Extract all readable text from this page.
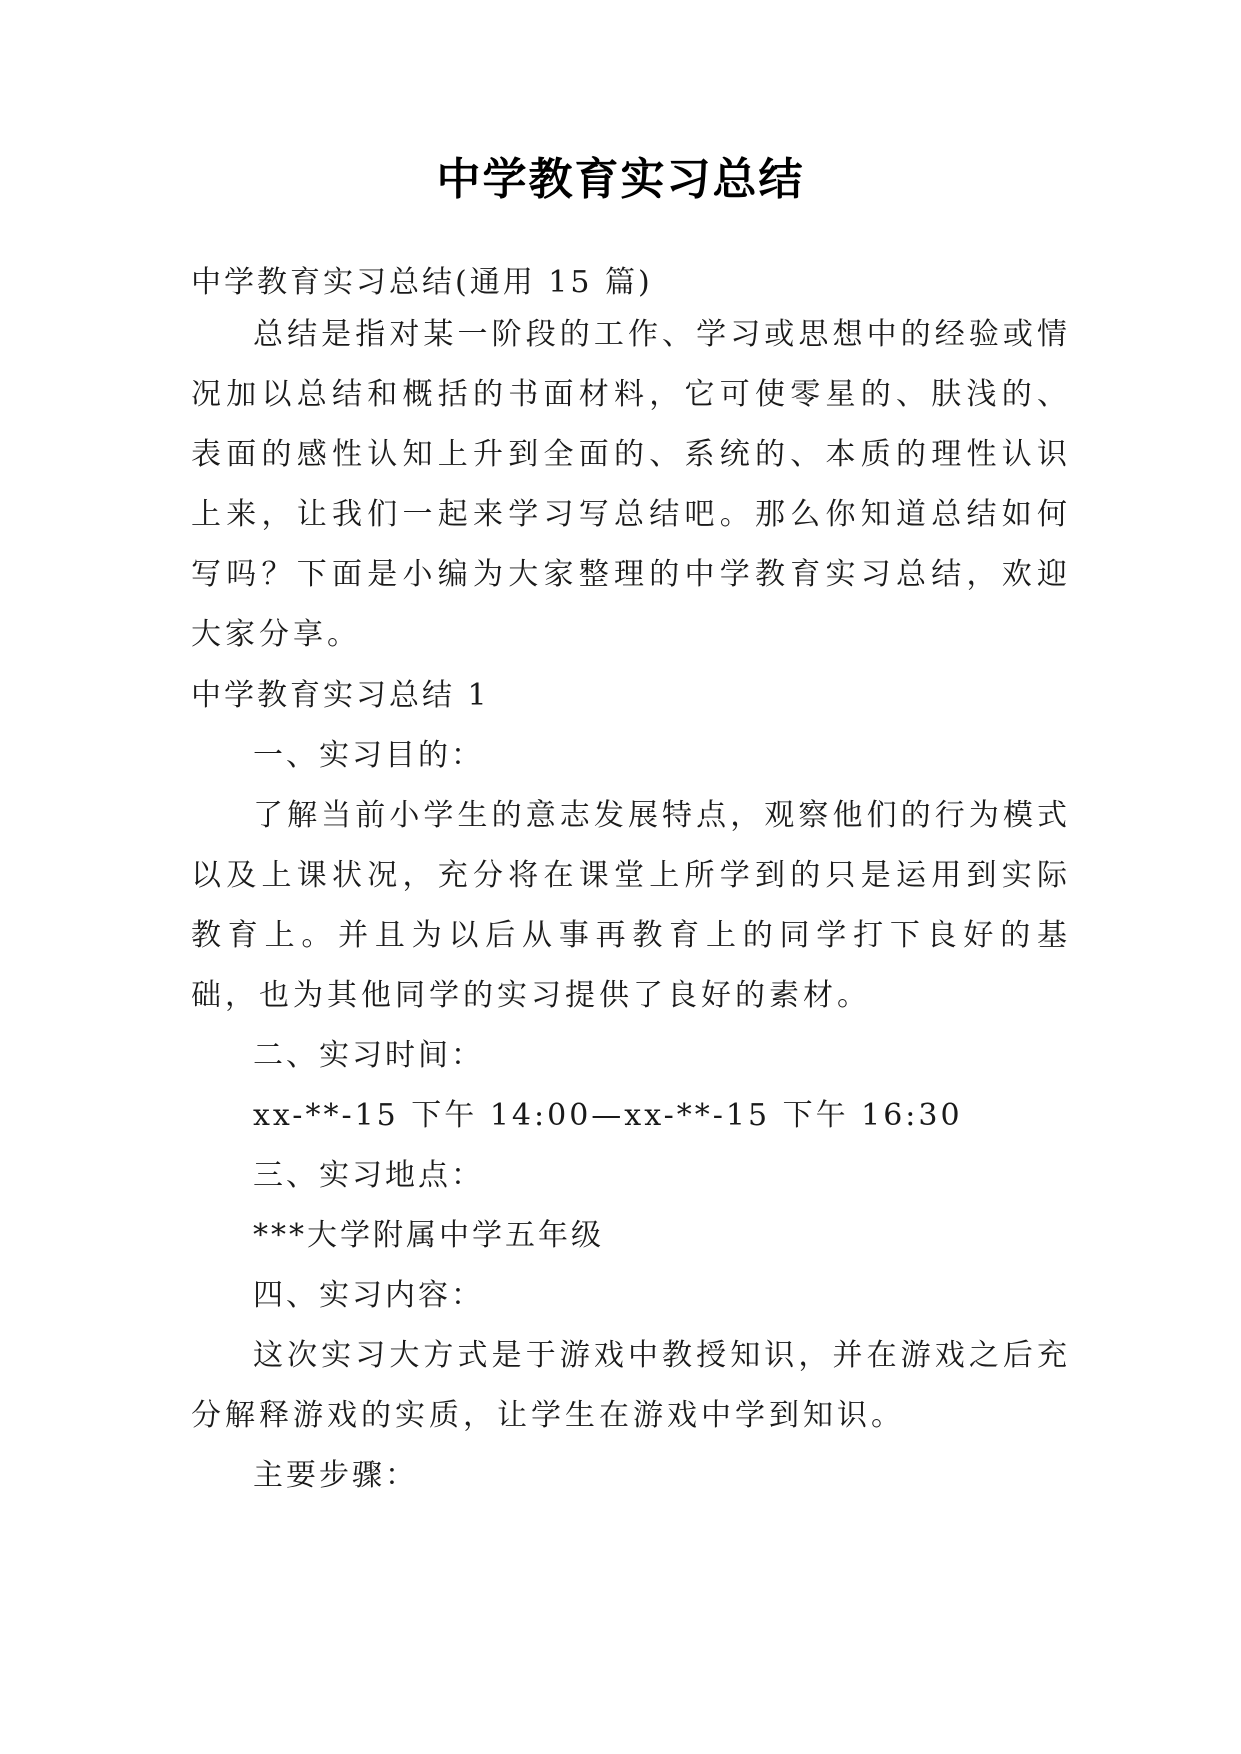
中学教育实习总结
中学教育实习总结(通用 15 篇)

总结是指对某一阶段的工作、学习或思想中的经验或情况加以总结和概括的书面材料，它可使零星的、肤浅的、表面的感性认知上升到全面的、系统的、本质的理性认识上来，让我们一起来学习写总结吧。那么你知道总结如何写吗？下面是小编为大家整理的中学教育实习总结，欢迎大家分享。

中学教育实习总结 1
一、实习目的：

了解当前小学生的意志发展特点，观察他们的行为模式以及上课状况，充分将在课堂上所学到的只是运用到实际教育上。并且为以后从事再教育上的同学打下良好的基础，也为其他同学的实习提供了良好的素材。

二、实习时间：
xx-**-15 下午 14:00—xx-**-15 下午 16:30
三、实习地点：
***大学附属中学五年级
四、实习内容：

这次实习大方式是于游戏中教授知识，并在游戏之后充分解释游戏的实质，让学生在游戏中学到知识。

主要步骤：
